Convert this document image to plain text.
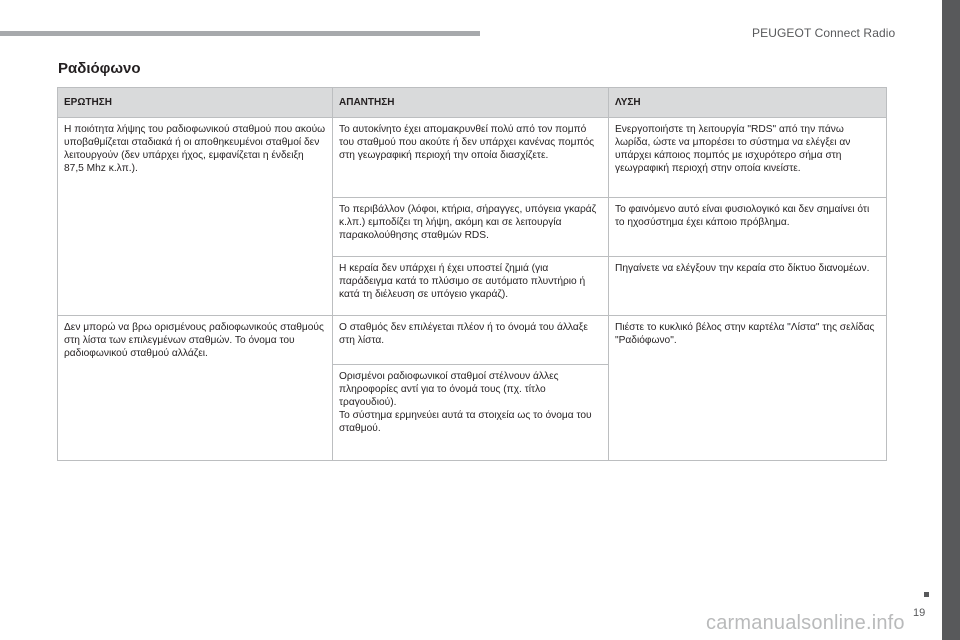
PEUGEOT Connect Radio
Ραδιόφωνο
ΕΡΩΤΗΣΗ	ΑΠΑΝΤΗΣΗ	ΛΥΣΗ
Η ποιότητα λήψης του ραδιοφωνικού σταθμού που ακούω υποβαθμίζεται σταδιακά ή οι αποθηκευμένοι σταθμοί δεν λειτουργούν (δεν υπάρχει ήχος, εμφανίζεται η ένδειξη 87,5 Mhz κ.λπ.).	Το αυτοκίνητο έχει απομακρυνθεί πολύ από τον πομπό του σταθμού που ακούτε ή δεν υπάρχει κανένας πομπός στη γεωγραφική περιοχή την οποία διασχίζετε.	Ενεργοποιήστε τη λειτουργία "RDS" από την πάνω λωρίδα, ώστε να μπορέσει το σύστημα να ελέγξει αν υπάρχει κάποιος πομπός με ισχυρότερο σήμα στη γεωγραφική περιοχή στην οποία κινείστε.
	Το περιβάλλον (λόφοι, κτήρια, σήραγγες, υπόγεια γκαράζ κ.λπ.) εμποδίζει τη λήψη, ακόμη και σε λειτουργία παρακολούθησης σταθμών RDS.	Το φαινόμενο αυτό είναι φυσιολογικό και δεν σημαίνει ότι το ηχοσύστημα έχει κάποιο πρόβλημα.
	Η κεραία δεν υπάρχει ή έχει υποστεί ζημιά (για παράδειγμα κατά το πλύσιμο σε αυτόματο πλυντήριο ή κατά τη διέλευση σε υπόγειο γκαράζ).	Πηγαίνετε να ελέγξουν την κεραία στο δίκτυο διανομέων.
Δεν μπορώ να βρω ορισμένους ραδιοφωνικούς σταθμούς στη λίστα των επιλεγμένων σταθμών. Το όνομα του ραδιοφωνικού σταθμού αλλάζει.	Ο σταθμός δεν επιλέγεται πλέον ή το όνομά του άλλαξε στη λίστα.	Πιέστε το κυκλικό βέλος στην καρτέλα "Λίστα" της σελίδας "Ραδιόφωνο".
	Ορισμένοι ραδιοφωνικοί σταθμοί στέλνουν άλλες πληροφορίες αντί για το όνομά τους (πχ. τίτλο τραγουδιού).
Το σύστημα ερμηνεύει αυτά τα στοιχεία ως το όνομα του σταθμού.	
19
carmanualsonline.info
